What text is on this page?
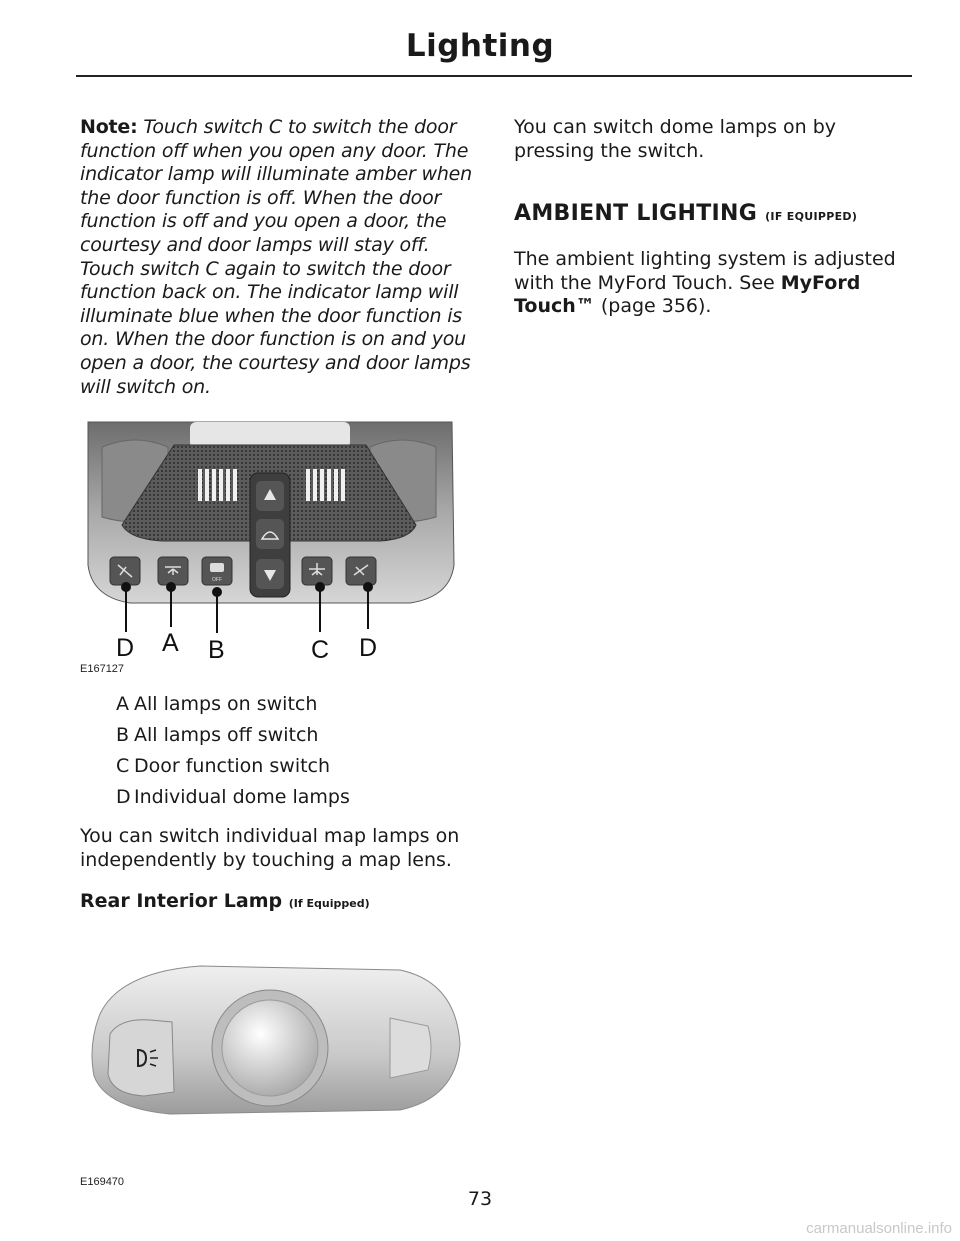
Lighting

Note: Touch switch C to switch the door function off when you open any door. The indicator lamp will illuminate amber when the door function is off. When the door function is off and you open a door, the courtesy and door lamps will stay off. Touch switch C again to switch the door function back on. The indicator lamp will illuminate blue when the door function is on. When the door function is on and you open a door, the courtesy and door lamps will switch on.

OFF
D A B	C D
E167127
A All lamps on switch
B All lamps off switch
C Door function switch
D Individual dome lamps

You can switch individual map lamps on independently by touching a map lens.

Rear Interior Lamp (If Equipped)

E169470

You can switch dome lamps on by pressing the switch.

AMBIENT LIGHTING (IF EQUIPPED)

The ambient lighting system is adjusted with the MyFord Touch. See MyFord Touch™ (page 356).

73
carmanualsonline.info
